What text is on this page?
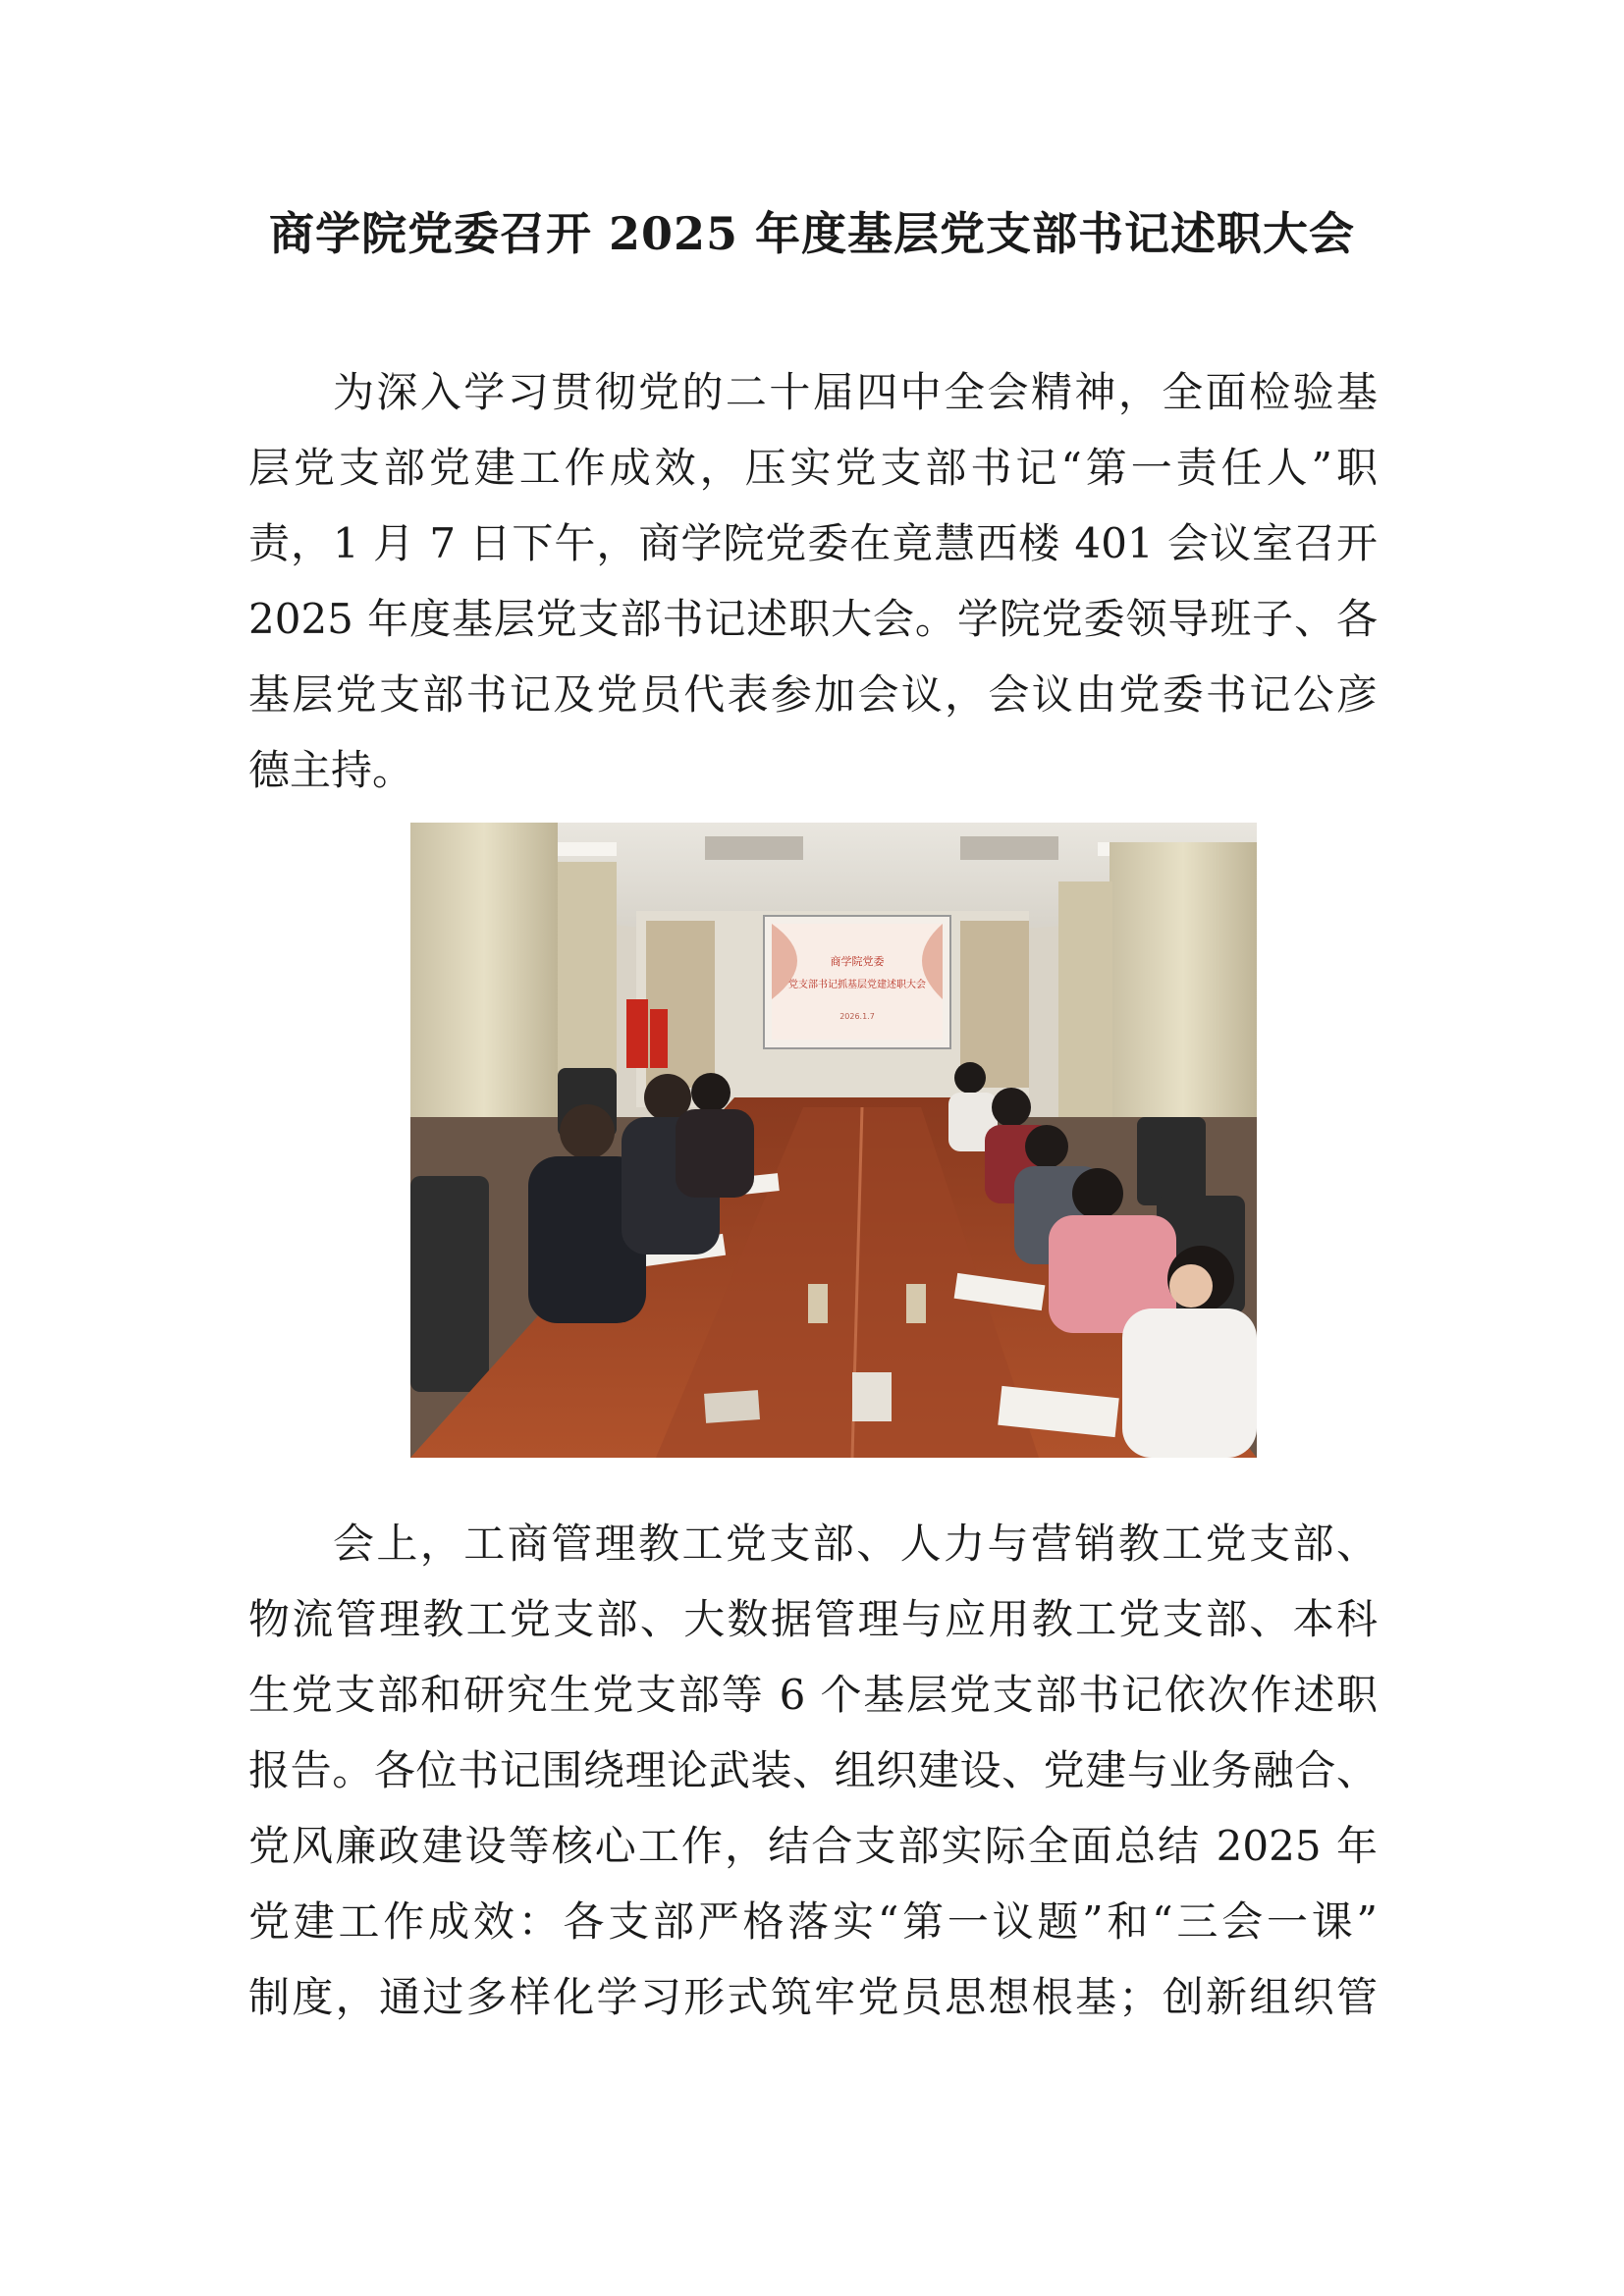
商学院党委召开 2025 年度基层党支部书记述职大会
为深入学习贯彻党的二十届四中全会精神，全面检验基
层党支部党建工作成效，压实党支部书记“第一责任人”职
责，1 月 7 日下午，商学院党委在竟慧西楼 401 会议室召开
2025 年度基层党支部书记述职大会。学院党委领导班子、各
基层党支部书记及党员代表参加会议，会议由党委书记公彦
德主持。
商学院党委
党支部书记抓基层党建述职大会
2026.1.7
会上，工商管理教工党支部、人力与营销教工党支部、
物流管理教工党支部、大数据管理与应用教工党支部、本科
生党支部和研究生党支部等 6 个基层党支部书记依次作述职
报告。各位书记围绕理论武装、组织建设、党建与业务融合、
党风廉政建设等核心工作，结合支部实际全面总结 2025 年
党建工作成效：各支部严格落实“第一议题”和“三会一课”
制度，通过多样化学习形式筑牢党员思想根基；创新组织管
